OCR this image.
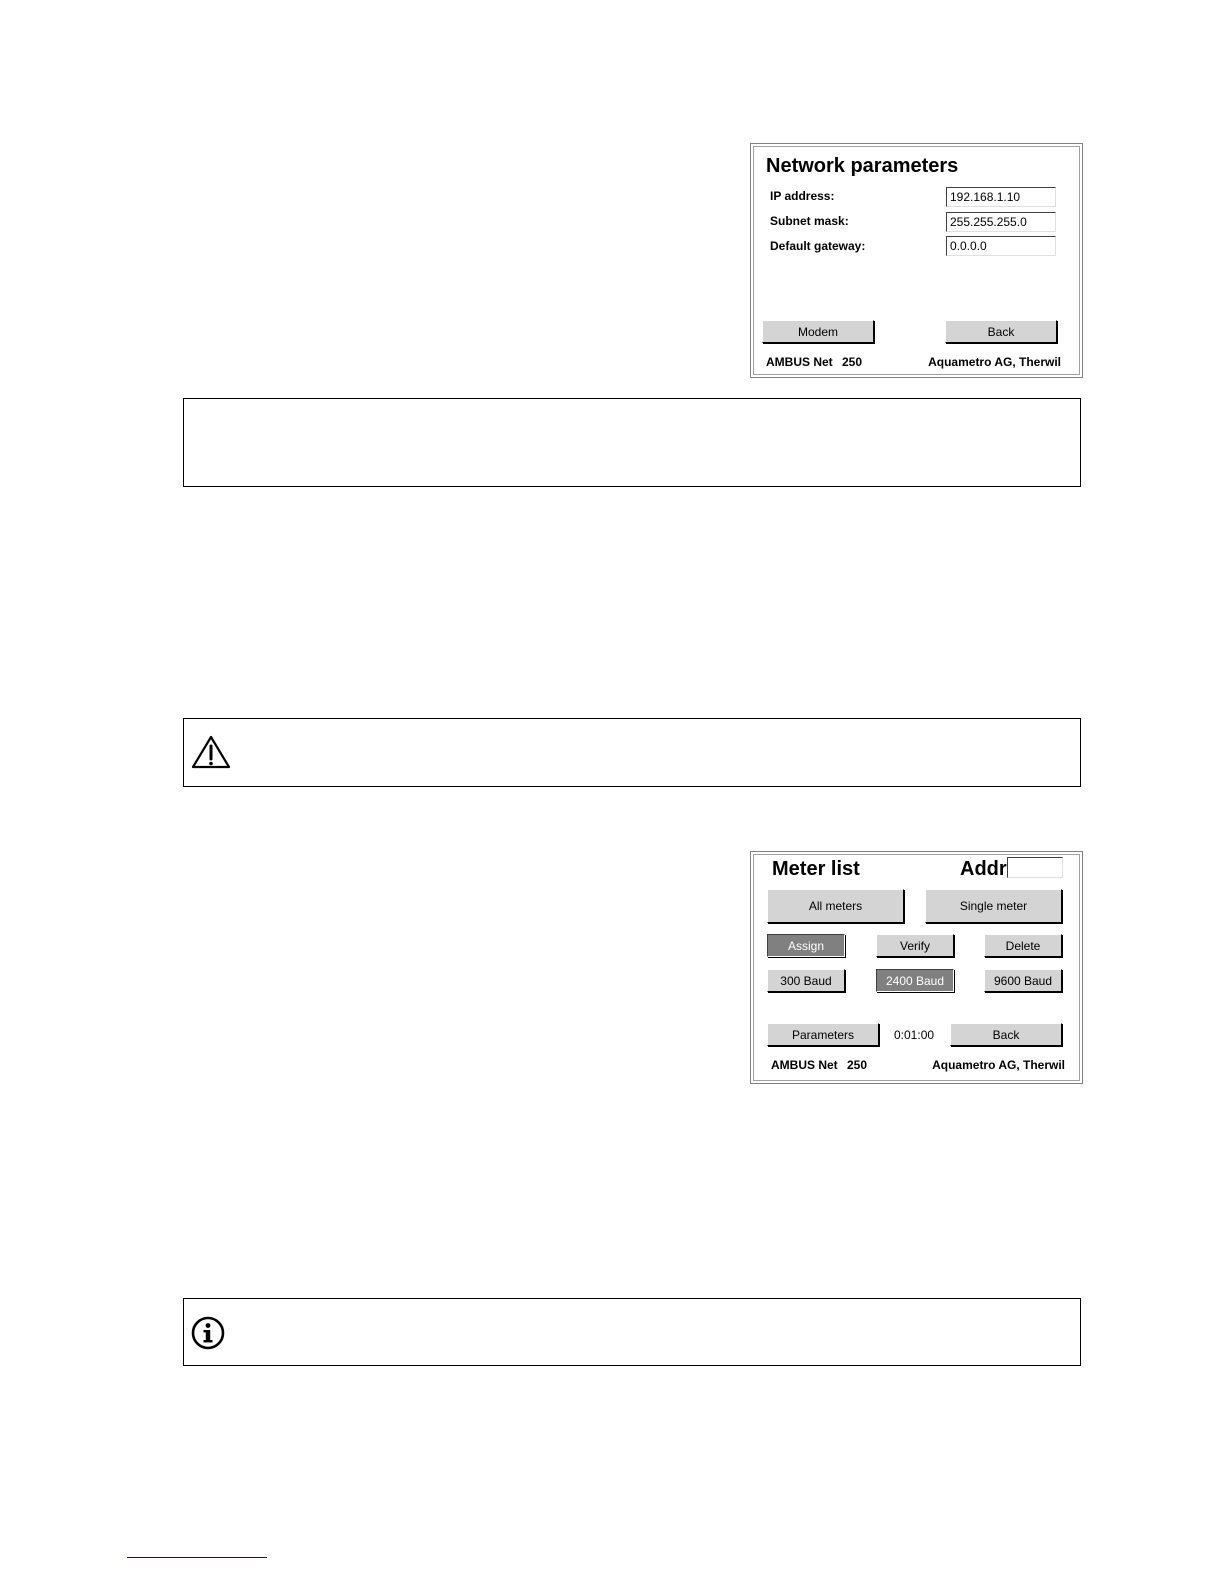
Network parameters
IP address:	192.168.1.10
Subnet mask:	255.255.255.0
Default gateway:	0.0.0.0
Modem	Back
AMBUS Net 250	Aquametro AG, Therwil
Meter list	Addr
All meters	Single meter
Assign	Verify	Delete
300 Baud	2400 Baud	9600 Baud
Parameters	0:01:00	Back
AMBUS Net 250	Aquametro AG, Therwil
